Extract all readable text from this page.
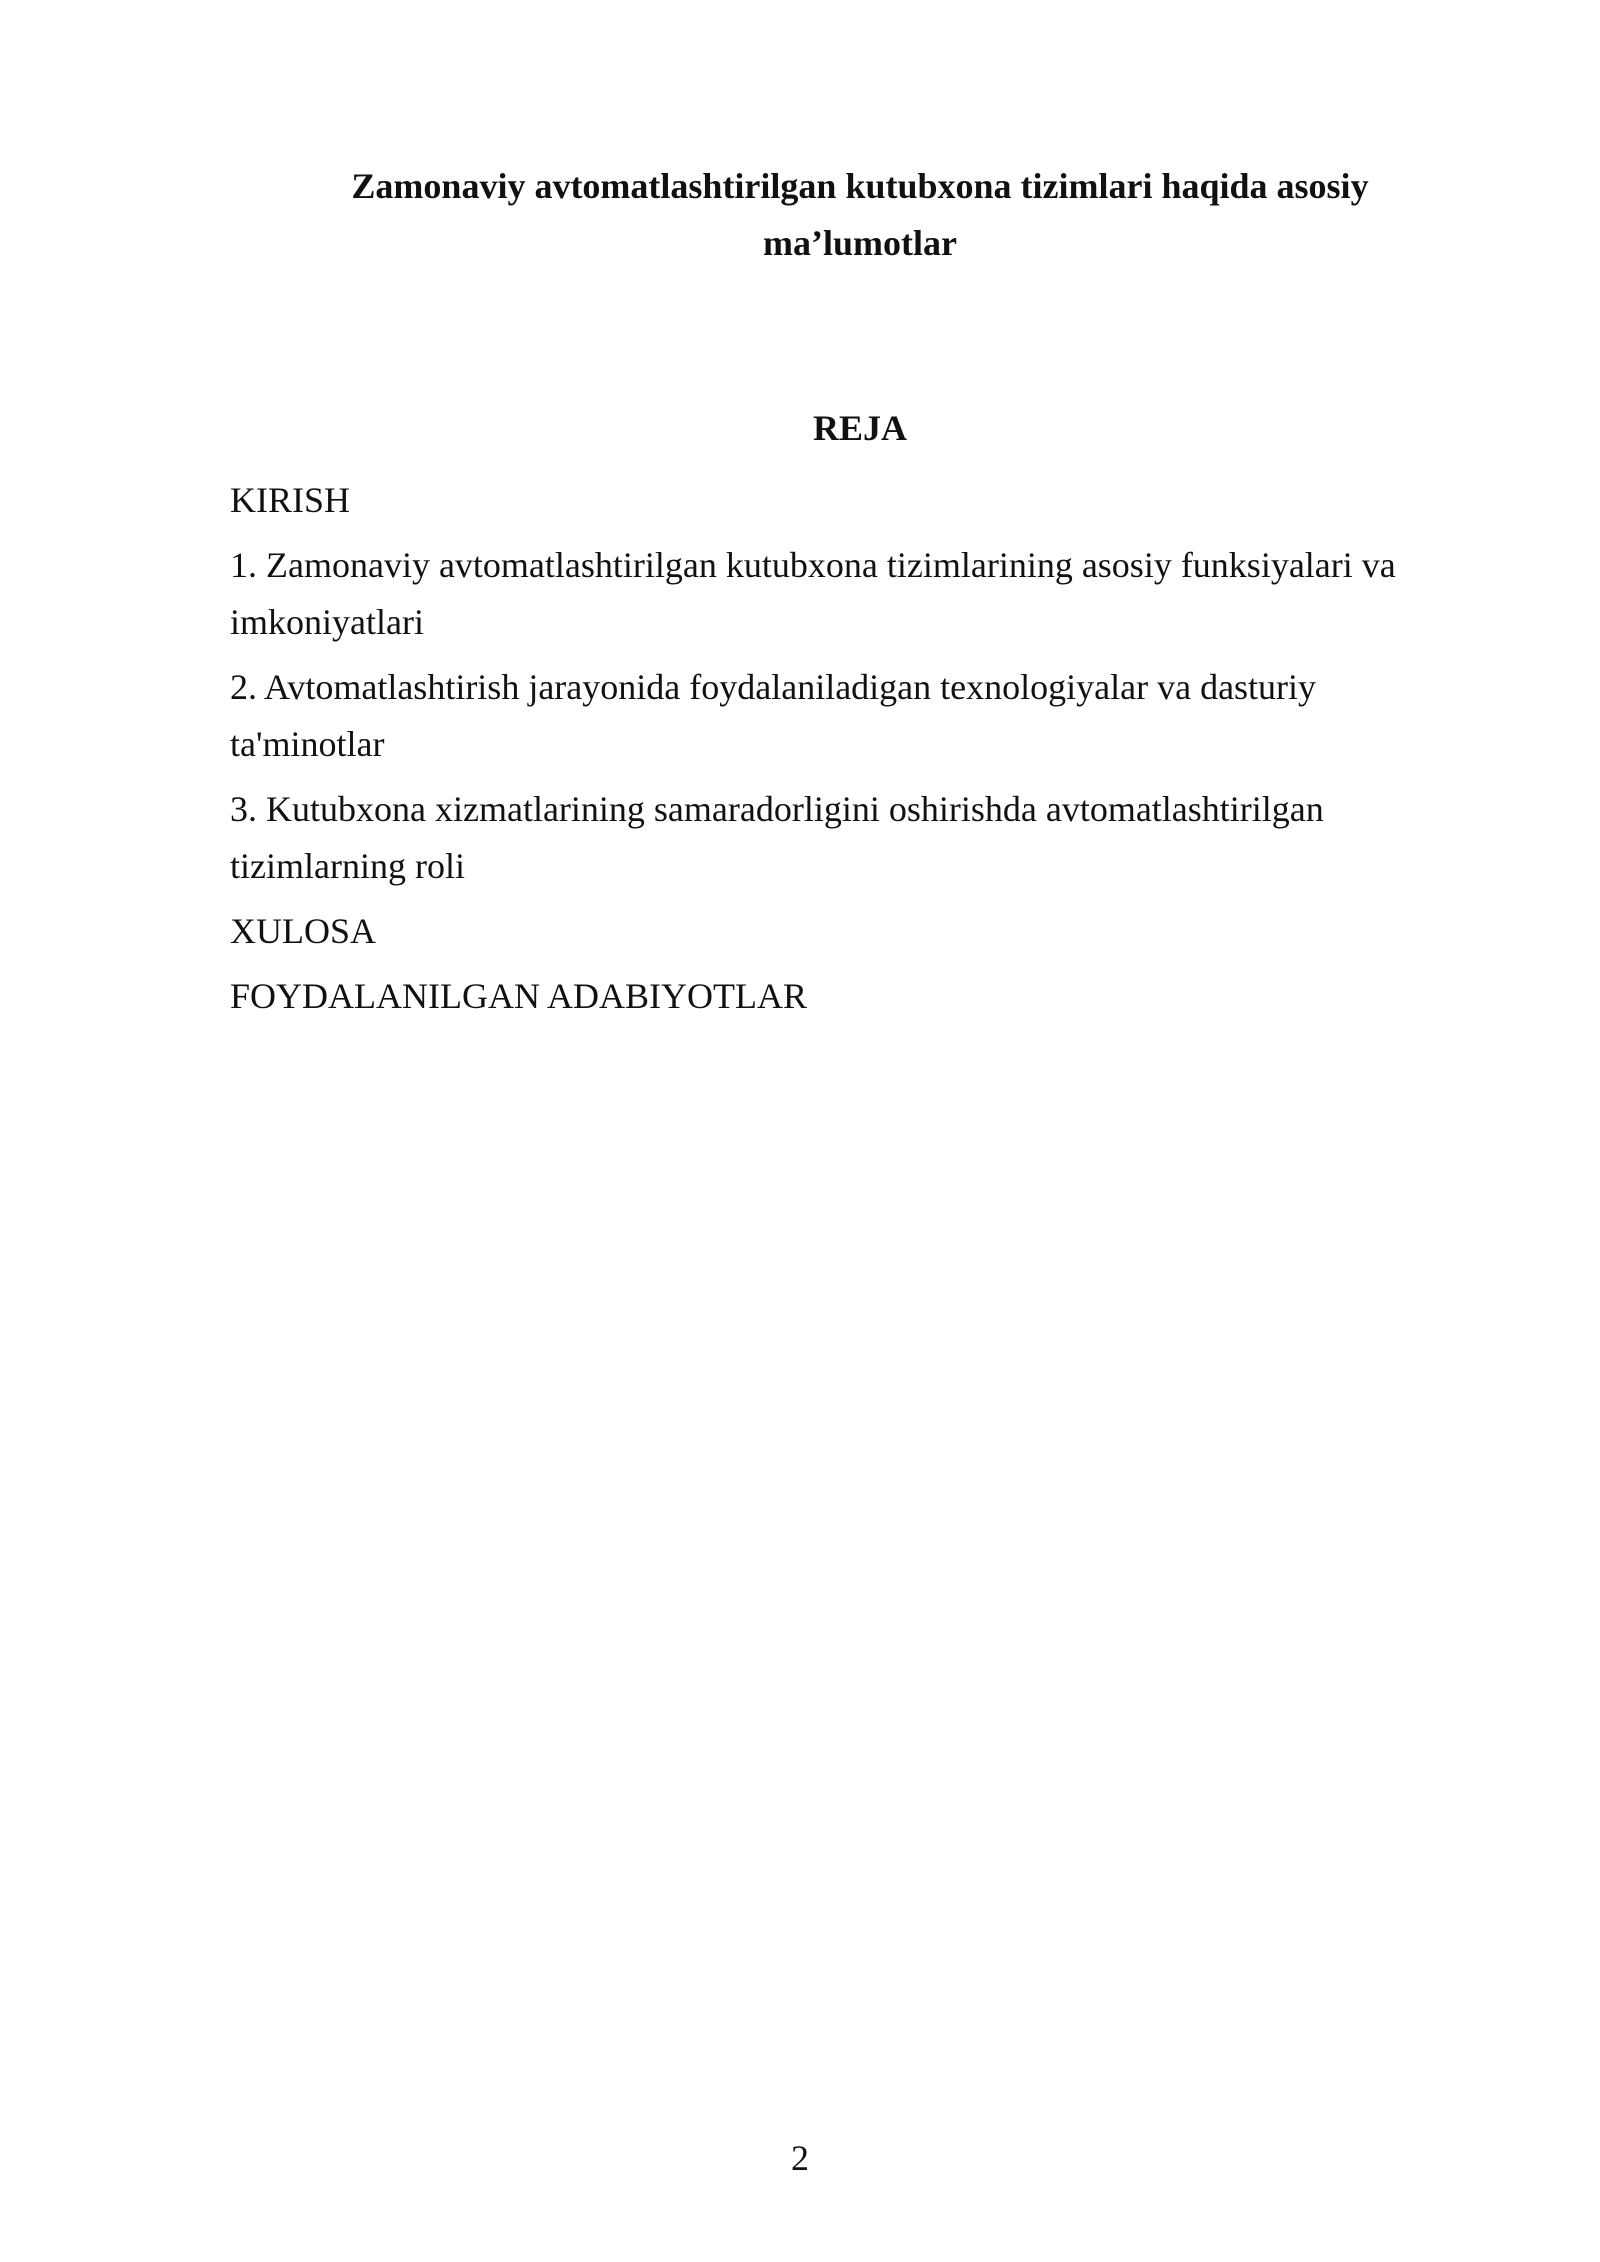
Zamonaviy avtomatlashtirilgan kutubxona tizimlari haqida asosiy
ma’lumotlar
REJA
KIRISH
1. Zamonaviy avtomatlashtirilgan kutubxona tizimlarining asosiy funksiyalari va imkoniyatlari
2. Avtomatlashtirish jarayonida foydalaniladigan texnologiyalar va dasturiy ta'minotlar
3. Kutubxona xizmatlarining samaradorligini oshirishda avtomatlashtirilgan tizimlarning roli
XULOSA
FOYDALANILGAN ADABIYOTLAR
2
